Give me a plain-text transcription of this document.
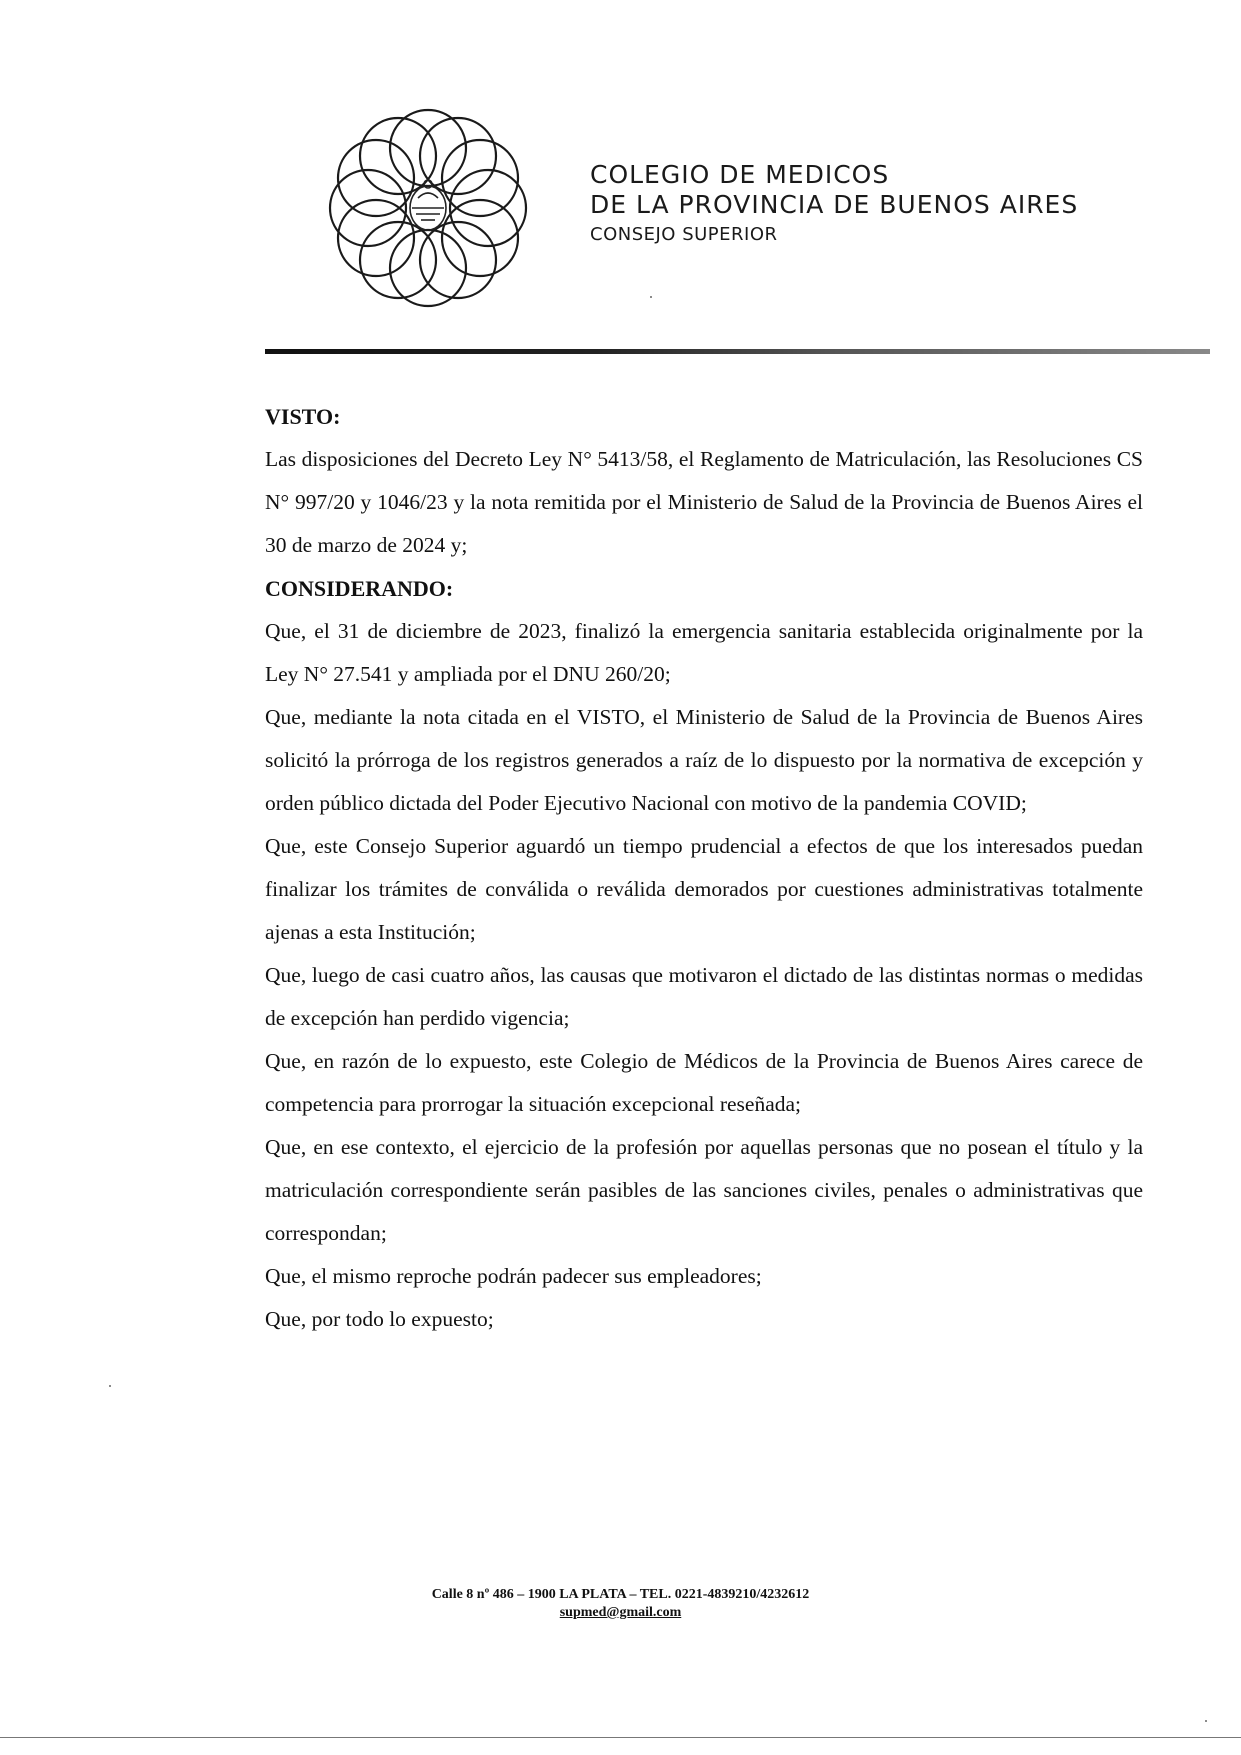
COLEGIO DE MEDICOS
DE LA PROVINCIA DE BUENOS AIRES
CONSEJO SUPERIOR
VISTO:

Las disposiciones del Decreto Ley N° 5413/58, el Reglamento de Matriculación, las Resoluciones CS N° 997/20 y 1046/23 y la nota remitida por el Ministerio de Salud de la Provincia de Buenos Aires el 30 de marzo de 2024 y;

CONSIDERANDO:

Que, el 31 de diciembre de 2023, finalizó la emergencia sanitaria establecida originalmente por la Ley N° 27.541 y ampliada por el DNU 260/20;

Que, mediante la nota citada en el VISTO, el Ministerio de Salud de la Provincia de Buenos Aires solicitó la prórroga de los registros generados a raíz de lo dispuesto por la normativa de excepción y orden público dictada del Poder Ejecutivo Nacional con motivo de la pandemia COVID;

Que, este Consejo Superior aguardó un tiempo prudencial a efectos de que los interesados puedan finalizar los trámites de conválida o reválida demorados por cuestiones administrativas totalmente ajenas a esta Institución;

Que, luego de casi cuatro años, las causas que motivaron el dictado de las distintas normas o medidas de excepción han perdido vigencia;

Que, en razón de lo expuesto, este Colegio de Médicos de la Provincia de Buenos Aires carece de competencia para prorrogar la situación excepcional reseñada;

Que, en ese contexto, el ejercicio de la profesión por aquellas personas que no posean el título y la matriculación correspondiente serán pasibles de las sanciones civiles, penales o administrativas que correspondan;

Que, el mismo reproche podrán padecer sus empleadores;

Que, por todo lo expuesto;

Calle 8 nº 486 – 1900 LA PLATA – TEL. 0221-4839210/4232612
supmed@gmail.com
